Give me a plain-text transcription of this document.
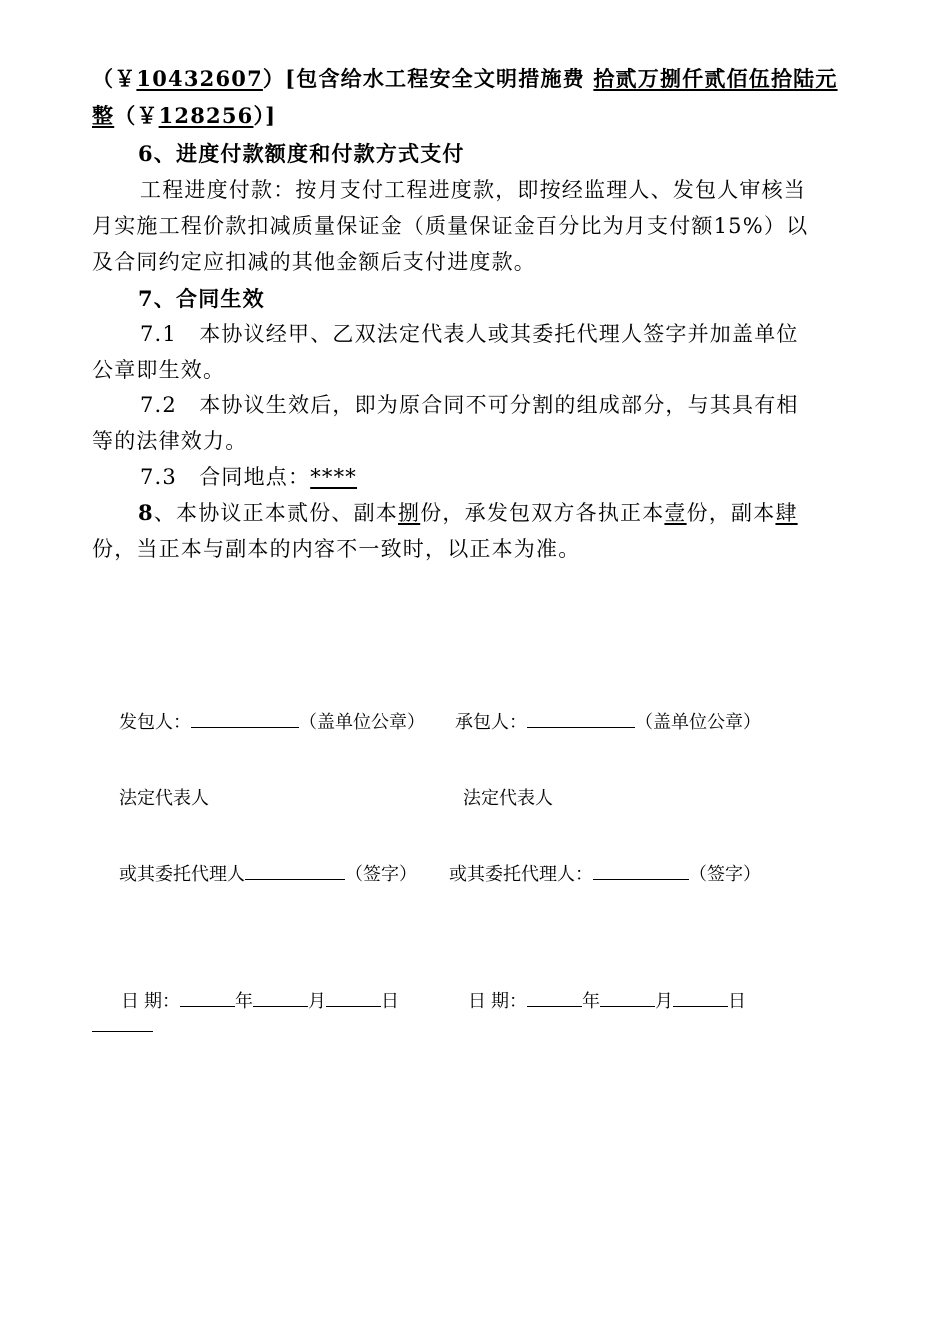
（￥10432607）[包含给水工程安全文明措施费 拾贰万捌仟贰佰伍拾陆元
整（￥128256）]
6、进度付款额度和付款方式支付
工程进度付款：按月支付工程进度款，即按经监理人、发包人审核当
月实施工程价款扣减质量保证金（质量保证金百分比为月支付额15%）以
及合同约定应扣减的其他金额后支付进度款。
7、合同生效
7.1　本协议经甲、乙双法定代表人或其委托代理人签字并加盖单位
公章即生效。
7.2　本协议生效后，即为原合同不可分割的组成部分，与其具有相
等的法律效力。
7.3　合同地点：****
8、本协议正本贰份、副本捌份，承发包双方各执正本壹份，副本肆
份，当正本与副本的内容不一致时，以正本为准。
发包人：	（盖单位公章） 承包人：	（盖单位公章）
法定代表人	法定代表人
或其委托代理人	（签字） 或其委托代理人：	（签字）
日 期：	年	月	日	日 期：	年	月	日
